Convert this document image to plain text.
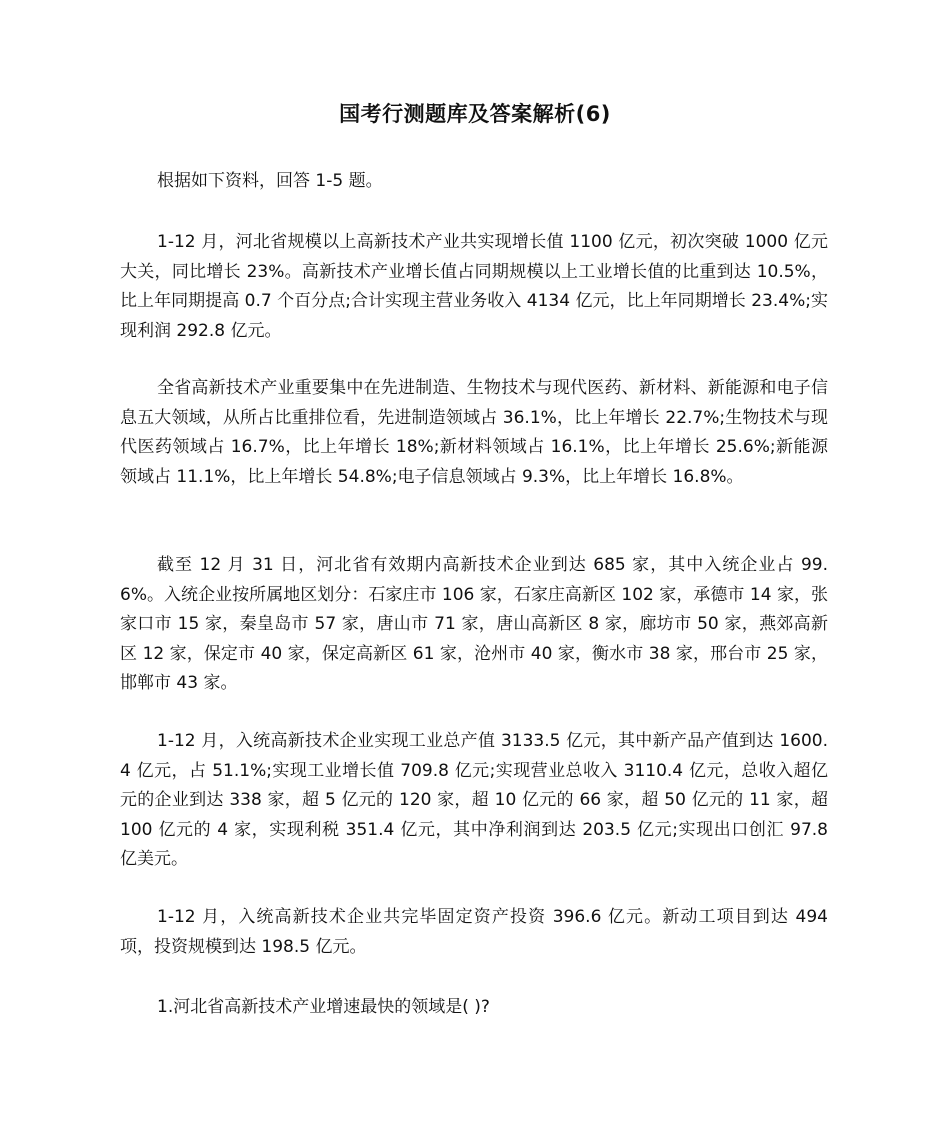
国考行测题库及答案解析(6)
根据如下资料，回答 1-5 题。
1-12 月，河北省规模以上高新技术产业共实现增长值 1100 亿元，初次突破 1000 亿元大关，同比增长 23%。高新技术产业增长值占同期规模以上工业增长值的比重到达 10.5%，比上年同期提高 0.7 个百分点;合计实现主营业务收入 4134 亿元，比上年同期增长 23.4%;实现利润 292.8 亿元。
全省高新技术产业重要集中在先进制造、生物技术与现代医药、新材料、新能源和电子信息五大领域，从所占比重排位看，先进制造领域占 36.1%，比上年增长 22.7%;生物技术与现代医药领域占 16.7%，比上年增长 18%;新材料领域占 16.1%，比上年增长 25.6%;新能源领域占 11.1%，比上年增长 54.8%;电子信息领域占 9.3%，比上年增长 16.8%。
截至 12 月 31 日，河北省有效期内高新技术企业到达 685 家，其中入统企业占 99.6%。入统企业按所属地区划分：石家庄市 106 家，石家庄高新区 102 家，承德市 14 家，张家口市 15 家，秦皇岛市 57 家，唐山市 71 家，唐山高新区 8 家，廊坊市 50 家，燕郊高新区 12 家，保定市 40 家，保定高新区 61 家，沧州市 40 家，衡水市 38 家，邢台市 25 家，邯郸市 43 家。
1-12 月，入统高新技术企业实现工业总产值 3133.5 亿元，其中新产品产值到达 1600.4 亿元，占 51.1%;实现工业增长值 709.8 亿元;实现营业总收入 3110.4 亿元，总收入超亿元的企业到达 338 家，超 5 亿元的 120 家，超 10 亿元的 66 家，超 50 亿元的 11 家，超 100 亿元的 4 家，实现利税 351.4 亿元，其中净利润到达 203.5 亿元;实现出口创汇 97.8 亿美元。
1-12 月，入统高新技术企业共完毕固定资产投资 396.6 亿元。新动工项目到达 494 项，投资规模到达 198.5 亿元。
1.河北省高新技术产业增速最快的领域是( )?
